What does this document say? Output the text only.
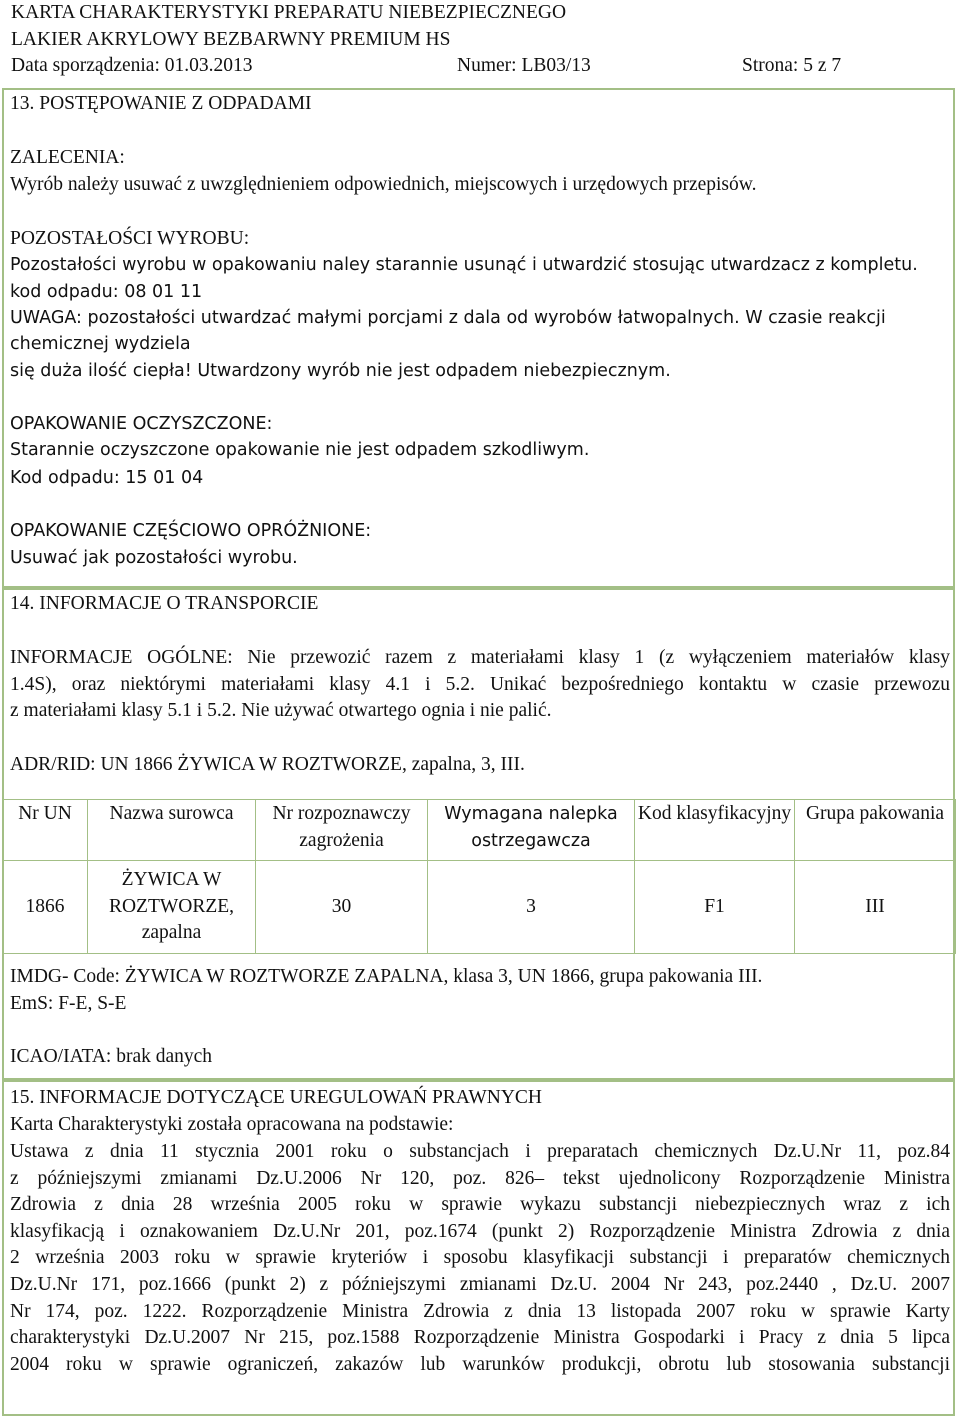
KARTA CHARAKTERYSTYKI PREPARATU NIEBEZPIECZNEGO
LAKIER AKRYLOWY BEZBARWNY PREMIUM HS
Data sporządzenia: 01.03.2013	Numer: LB03/13	Strona: 5 z 7
13. POSTĘPOWANIE Z ODPADAMI
ZALECENIA:
Wyrób należy usuwać z uwzględnieniem odpowiednich, miejscowych i urzędowych przepisów.
POZOSTAŁOŚCI WYROBU:
Pozostałości wyrobu w opakowaniu naley starannie usunąć i utwardzić stosując utwardzacz z kompletu.
kod odpadu: 08 01 11
UWAGA: pozostałości utwardzać małymi porcjami z dala od wyrobów łatwopalnych. W czasie reakcji
chemicznej wydziela
się duża ilość ciepła! Utwardzony wyrób nie jest odpadem niebezpiecznym.
OPAKOWANIE OCZYSZCZONE:
Starannie oczyszczone opakowanie nie jest odpadem szkodliwym.
Kod odpadu: 15 01 04
OPAKOWANIE CZĘŚCIOWO OPRÓŻNIONE:
Usuwać jak pozostałości wyrobu.
14. INFORMACJE O TRANSPORCIE
INFORMACJE OGÓLNE: Nie przewozić razem z materiałami klasy 1 (z wyłączeniem materiałów klasy
1.4S), oraz niektórymi materiałami klasy 4.1 i 5.2. Unikać bezpośredniego kontaktu w czasie przewozu
z materiałami klasy 5.1 i 5.2. Nie używać otwartego ognia i nie palić.
ADR/RID: UN 1866 ŻYWICA W ROZTWORZE, zapalna, 3, III.
Nr UN	Nazwa surowca	Nr rozpoznawczy zagrożenia	Wymagana nalepka ostrzegawcza	Kod klasyfikacyjny	Grupa pakowania
1866	ŻYWICA W ROZTWORZE, zapalna	30	3	F1	III
IMDG- Code: ŻYWICA W ROZTWORZE ZAPALNA, klasa 3, UN 1866, grupa pakowania III.
EmS: F-E, S-E
ICAO/IATA: brak danych
15. INFORMACJE DOTYCZĄCE UREGULOWAŃ PRAWNYCH
Karta Charakterystyki została opracowana na podstawie:
Ustawa z dnia 11 stycznia 2001 roku o substancjach i preparatach chemicznych Dz.U.Nr 11, poz.84
z późniejszymi zmianami Dz.U.2006 Nr 120, poz. 826– tekst ujednolicony Rozporządzenie Ministra
Zdrowia z dnia 28 września 2005 roku w sprawie wykazu substancji niebezpiecznych wraz z ich
klasyfikacją i oznakowaniem Dz.U.Nr 201, poz.1674 (punkt 2) Rozporządzenie Ministra Zdrowia z dnia
2 września 2003 roku w sprawie kryteriów i sposobu klasyfikacji substancji i preparatów chemicznych
Dz.U.Nr 171, poz.1666 (punkt 2) z późniejszymi zmianami Dz.U. 2004 Nr 243, poz.2440 , Dz.U. 2007
Nr 174, poz. 1222. Rozporządzenie Ministra Zdrowia z dnia 13 listopada 2007 roku w sprawie Karty
charakterystyki Dz.U.2007 Nr 215, poz.1588 Rozporządzenie Ministra Gospodarki i Pracy z dnia 5 lipca
2004 roku w sprawie ograniczeń, zakazów lub warunków produkcji, obrotu lub stosowania substancji
